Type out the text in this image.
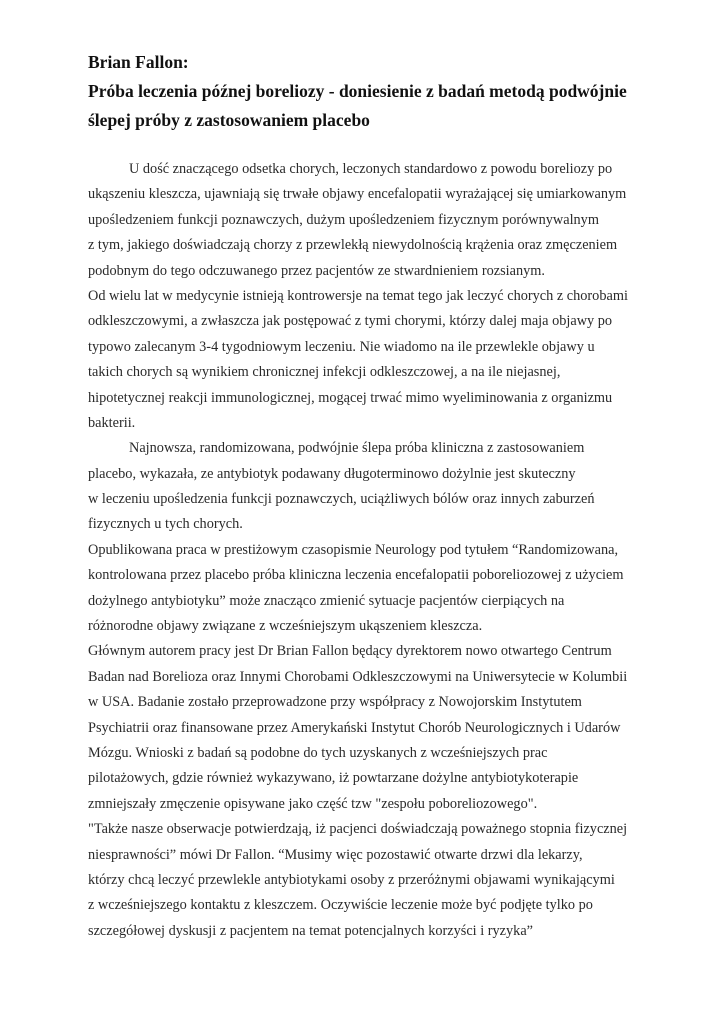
Brian Fallon:
Próba leczenia późnej boreliozy - doniesienie z badań metodą podwójnie
ślepej próby z zastosowaniem placebo
U dość znaczącego odsetka chorych, leczonych standardowo z powodu boreliozy po
ukąszeniu kleszcza, ujawniają się trwałe objawy encefalopatii wyrażającej się umiarkowanym
upośledzeniem funkcji poznawczych, dużym upośledzeniem fizycznym porównywalnym
z tym, jakiego doświadczają chorzy z przewlekłą niewydolnością krążenia oraz zmęczeniem
podobnym do tego odczuwanego przez pacjentów ze stwardnieniem rozsianym.
Od wielu lat w medycynie istnieją kontrowersje na temat tego jak leczyć chorych z chorobami
odkleszczowymi, a zwłaszcza jak postępować z tymi chorymi, którzy dalej maja objawy po
typowo zalecanym 3-4 tygodniowym leczeniu. Nie wiadomo na ile przewlekle objawy u
takich chorych są wynikiem chronicznej infekcji odkleszczowej, a na ile niejasnej,
hipotetycznej reakcji immunologicznej, mogącej trwać mimo wyeliminowania z organizmu
bakterii.
Najnowsza, randomizowana, podwójnie ślepa próba kliniczna z zastosowaniem
placebo, wykazała, ze antybiotyk podawany długoterminowo dożylnie jest skuteczny
w leczeniu upośledzenia funkcji poznawczych, uciążliwych bólów oraz innych zaburzeń
fizycznych u tych chorych.
Opublikowana praca w prestiżowym czasopismie Neurology pod tytułem “Randomizowana,
kontrolowana przez placebo próba kliniczna leczenia encefalopatii poboreliozowej z użyciem
dożylnego antybiotyku” może znacząco zmienić sytuacje pacjentów cierpiących na
różnorodne objawy związane z wcześniejszym ukąszeniem kleszcza.
Głównym autorem pracy jest Dr Brian Fallon będący dyrektorem nowo otwartego Centrum
Badan nad Borelioza oraz Innymi Chorobami Odkleszczowymi na Uniwersytecie w Kolumbii
w USA. Badanie zostało przeprowadzone przy współpracy z Nowojorskim Instytutem
Psychiatrii oraz finansowane przez Amerykański Instytut Chorób Neurologicznych i Udarów
Mózgu. Wnioski z badań są podobne do tych uzyskanych z wcześniejszych prac
pilotażowych, gdzie również wykazywano, iż powtarzane dożylne antybiotykoterapie
zmniejszały zmęczenie opisywane jako część tzw "zespołu poboreliozowego".
"Także nasze obserwacje potwierdzają, iż pacjenci doświadczają poważnego stopnia fizycznej
niesprawności” mówi Dr Fallon. “Musimy więc pozostawić otwarte drzwi dla lekarzy,
którzy chcą leczyć przewlekle antybiotykami osoby z przeróżnymi objawami wynikającymi
z wcześniejszego kontaktu z kleszczem. Oczywiście leczenie może być podjęte tylko po
szczegółowej dyskusji z pacjentem na temat potencjalnych korzyści i ryzyka”
